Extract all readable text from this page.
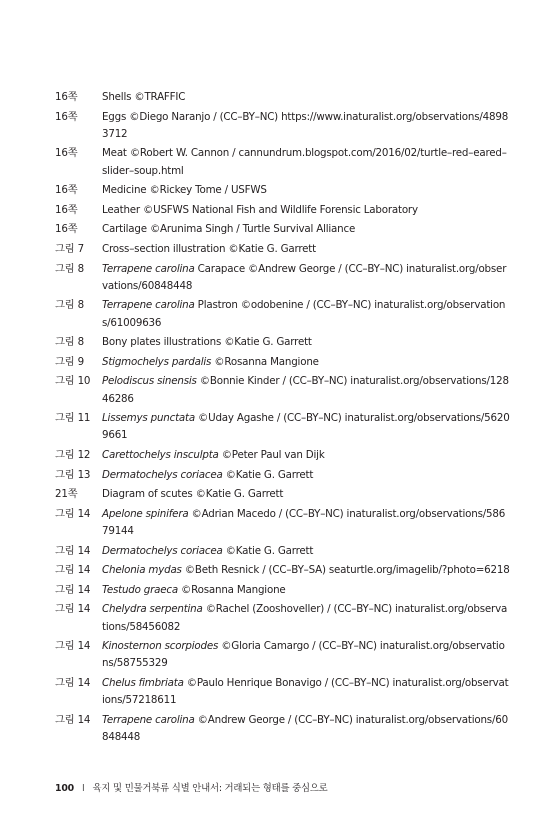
16쪽	Shells ©TRAFFIC
16쪽	Eggs ©Diego Naranjo / (CC–BY–NC) https://www.inaturalist.org/observations/48983712
16쪽	Meat ©Robert W. Cannon / cannundrum.blogspot.com/2016/02/turtle–red–eared–slider–soup.html
16쪽	Medicine ©Rickey Tome / USFWS
16쪽	Leather ©USFWS National Fish and Wildlife Forensic Laboratory
16쪽	Cartilage ©Arunima Singh / Turtle Survival Alliance
그림 7	Cross–section illustration ©Katie G. Garrett
그림 8	Terrapene carolina Carapace ©Andrew George / (CC–BY–NC) inaturalist.org/observations/60848448
그림 8	Terrapene carolina Plastron ©odobenine / (CC–BY–NC) inaturalist.org/observations/61009636
그림 8	Bony plates illustrations ©Katie G. Garrett
그림 9	Stigmochelys pardalis ©Rosanna Mangione
그림 10	Pelodiscus sinensis ©Bonnie Kinder / (CC–BY–NC) inaturalist.org/observations/12846286
그림 11	Lissemys punctata ©Uday Agashe / (CC–BY–NC) inaturalist.org/observations/56209661
그림 12	Carettochelys insculpta ©Peter Paul van Dijk
그림 13	Dermatochelys coriacea ©Katie G. Garrett
21쪽	Diagram of scutes ©Katie G. Garrett
그림 14	Apelone spinifera ©Adrian Macedo / (CC–BY–NC) inaturalist.org/observations/58679144
그림 14	Dermatochelys coriacea ©Katie G. Garrett
그림 14	Chelonia mydas ©Beth Resnick / (CC–BY–SA) seaturtle.org/imagelib/?photo=6218
그림 14	Testudo graeca ©Rosanna Mangione
그림 14	Chelydra serpentina ©Rachel (Zooshoveller) / (CC–BY–NC) inaturalist.org/observations/58456082
그림 14	Kinosternon scorpiodes ©Gloria Camargo / (CC–BY–NC) inaturalist.org/observations/58755329
그림 14	Chelus fimbriata ©Paulo Henrique Bonavigo / (CC–BY–NC) inaturalist.org/observations/57218611
그림 14	Terrapene carolina ©Andrew George / (CC–BY–NC) inaturalist.org/observations/60848448
100 I 육지 및 민물거북류 식별 안내서: 거래되는 형태를 중심으로
